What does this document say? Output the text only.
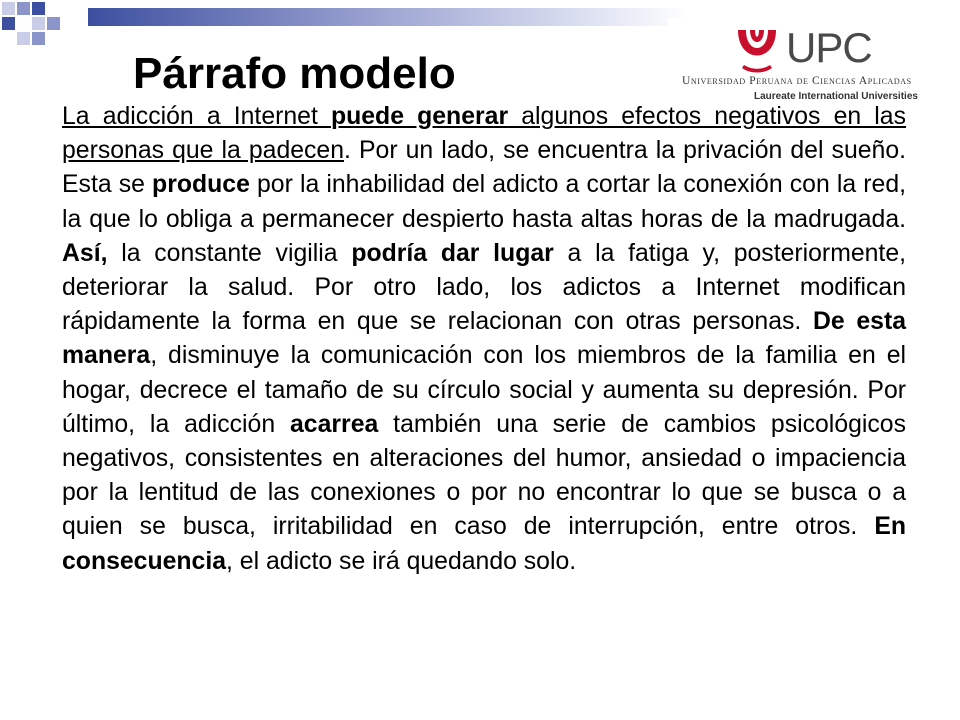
UPC
Universidad Peruana de Ciencias Aplicadas
Laureate International Universities
Párrafo modelo

La adicción a Internet puede generar algunos efectos negativos en las personas que la padecen. Por un lado, se encuentra la privación del sueño. Esta se produce por la inhabilidad del adicto a cortar la conexión con la red, la que lo obliga a permanecer despierto hasta altas horas de la madrugada. Así, la constante vigilia podría dar lugar a la fatiga y, posteriormente, deteriorar la salud. Por otro lado, los adictos a Internet modifican rápidamente la forma en que se relacionan con otras personas. De esta manera, disminuye la comunicación con los miembros de la familia en el hogar, decrece el tamaño de su círculo social y aumenta su depresión. Por último, la adicción acarrea también una serie de cambios psicológicos negativos, consistentes en alteraciones del humor, ansiedad o impaciencia por la lentitud de las conexiones o por no encontrar lo que se busca o a quien se busca, irritabilidad en caso de interrupción, entre otros. En consecuencia, el adicto se irá quedando solo.
